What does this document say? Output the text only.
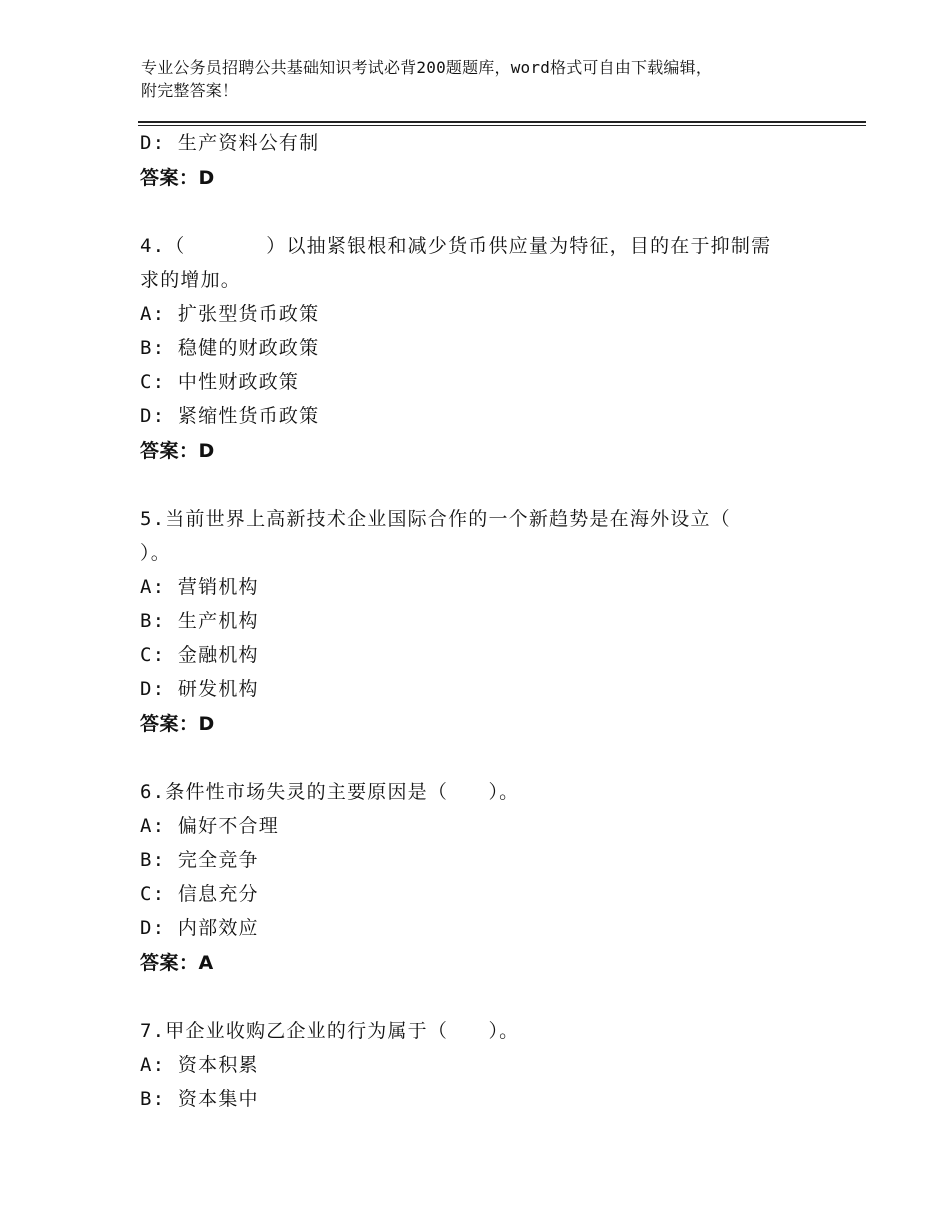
专业公务员招聘公共基础知识考试必背200题题库，word格式可自由下载编辑，
附完整答案！
D: 生产资料公有制
答案：D
4.（　　　　）以抽紧银根和减少货币供应量为特征，目的在于抑制需
求的增加。
A: 扩张型货币政策
B: 稳健的财政政策
C: 中性财政政策
D: 紧缩性货币政策
答案：D
5.当前世界上高新技术企业国际合作的一个新趋势是在海外设立（
）。
A: 营销机构
B: 生产机构
C: 金融机构
D: 研发机构
答案：D
6.条件性市场失灵的主要原因是（　　）。
A: 偏好不合理
B: 完全竞争
C: 信息充分
D: 内部效应
答案：A
7.甲企业收购乙企业的行为属于（　　）。
A: 资本积累
B: 资本集中
